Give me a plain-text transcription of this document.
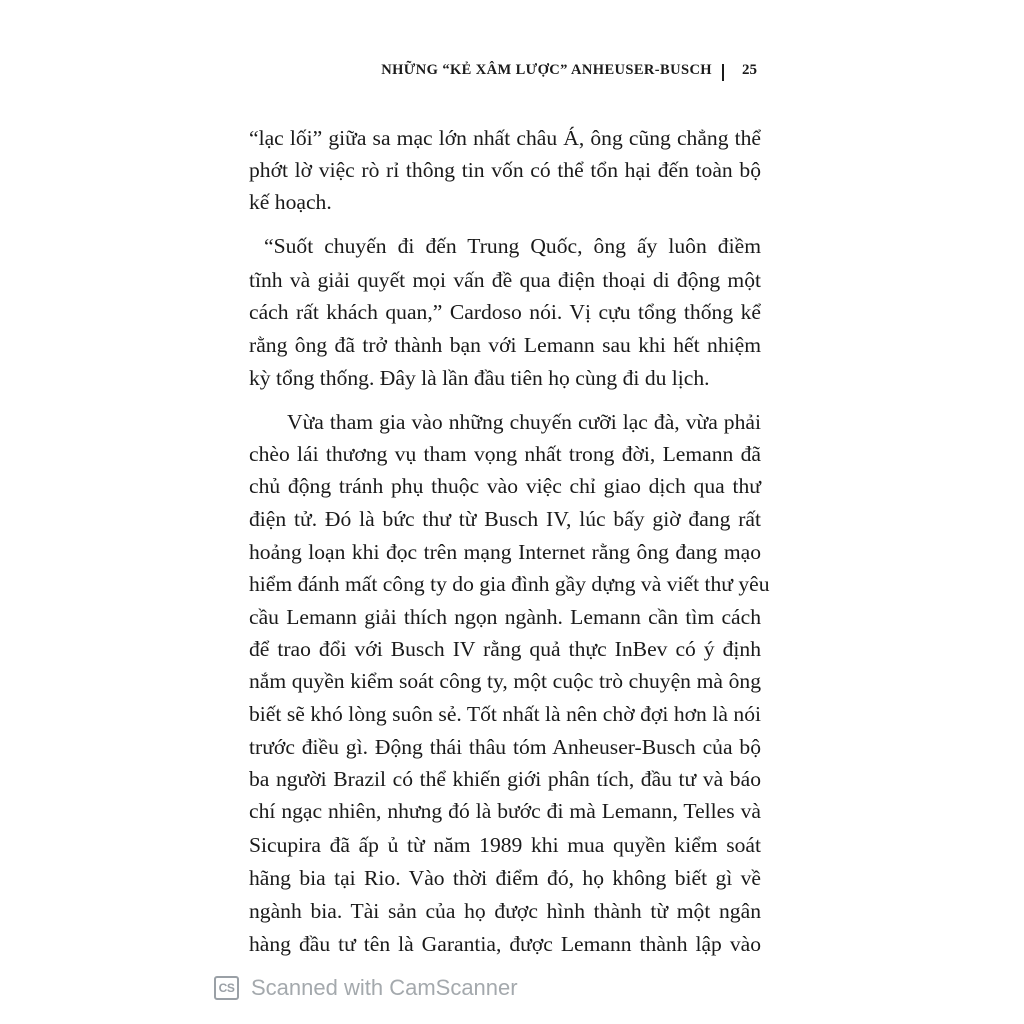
NHỮNG “KẺ XÂM LƯỢC” ANHEUSER-BUSCH 25
“lạc lối” giữa sa mạc lớn nhất châu Á, ông cũng chẳng thể
phớt lờ việc rò rỉ thông tin vốn có thể tổn hại đến toàn bộ
kế hoạch.
“Suốt chuyến đi đến Trung Quốc, ông ấy luôn điềm
tĩnh và giải quyết mọi vấn đề qua điện thoại di động một
cách rất khách quan,” Cardoso nói. Vị cựu tổng thống kể
rằng ông đã trở thành bạn với Lemann sau khi hết nhiệm
kỳ tổng thống. Đây là lần đầu tiên họ cùng đi du lịch.
Vừa tham gia vào những chuyến cưỡi lạc đà, vừa phải
chèo lái thương vụ tham vọng nhất trong đời, Lemann đã
chủ động tránh phụ thuộc vào việc chỉ giao dịch qua thư
điện tử. Đó là bức thư từ Busch IV, lúc bấy giờ đang rất
hoảng loạn khi đọc trên mạng Internet rằng ông đang mạo
hiểm đánh mất công ty do gia đình gầy dựng và viết thư yêu
cầu Lemann giải thích ngọn ngành. Lemann cần tìm cách
để trao đổi với Busch IV rằng quả thực InBev có ý định
nắm quyền kiểm soát công ty, một cuộc trò chuyện mà ông
biết sẽ khó lòng suôn sẻ. Tốt nhất là nên chờ đợi hơn là nói
trước điều gì. Động thái thâu tóm Anheuser-Busch của bộ
ba người Brazil có thể khiến giới phân tích, đầu tư và báo
chí ngạc nhiên, nhưng đó là bước đi mà Lemann, Telles và
Sicupira đã ấp ủ từ năm 1989 khi mua quyền kiểm soát
hãng bia tại Rio. Vào thời điểm đó, họ không biết gì về
ngành bia. Tài sản của họ được hình thành từ một ngân
hàng đầu tư tên là Garantia, được Lemann thành lập vào
CS Scanned with CamScanner
